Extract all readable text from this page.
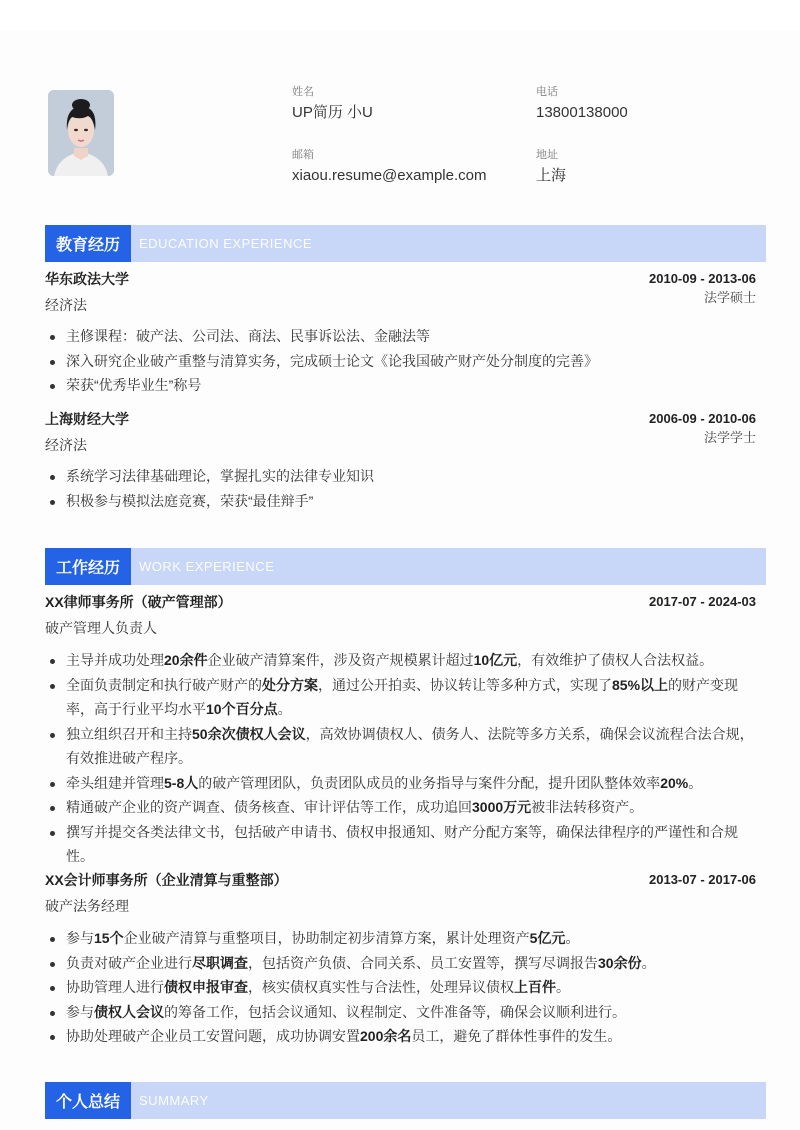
姓名
UP简历 小U
电话
13800138000
邮箱
xiaou.resume@example.com
地址
上海
教育经历	EDUCATION EXPERIENCE
华东政法大学
经济法
2010-09 - 2013-06
法学硕士
主修课程：破产法、公司法、商法、民事诉讼法、金融法等
深入研究企业破产重整与清算实务，完成硕士论文《论我国破产财产处分制度的完善》
荣获“优秀毕业生”称号
上海财经大学
经济法
2006-09 - 2010-06
法学学士
系统学习法律基础理论，掌握扎实的法律专业知识
积极参与模拟法庭竞赛，荣获“最佳辩手”
工作经历	WORK EXPERIENCE
XX律师事务所（破产管理部）
破产管理人负责人
2017-07 - 2024-03
主导并成功处理20余件企业破产清算案件，涉及资产规模累计超过10亿元，有效维护了债权人合法权益。
全面负责制定和执行破产财产的处分方案，通过公开拍卖、协议转让等多种方式，实现了85%以上的财产变现率，高于行业平均水平10个百分点。
独立组织召开和主持50余次债权人会议，高效协调债权人、债务人、法院等多方关系，确保会议流程合法合规，有效推进破产程序。
牵头组建并管理5-8人的破产管理团队，负责团队成员的业务指导与案件分配，提升团队整体效率20%。
精通破产企业的资产调查、债务核查、审计评估等工作，成功追回3000万元被非法转移资产。
撰写并提交各类法律文书，包括破产申请书、债权申报通知、财产分配方案等，确保法律程序的严谨性和合规性。
XX会计师事务所（企业清算与重整部）
破产法务经理
2013-07 - 2017-06
参与15个企业破产清算与重整项目，协助制定初步清算方案，累计处理资产5亿元。
负责对破产企业进行尽职调查，包括资产负债、合同关系、员工安置等，撰写尽调报告30余份。
协助管理人进行债权申报审查，核实债权真实性与合法性，处理异议债权上百件。
参与债权人会议的筹备工作，包括会议通知、议程制定、文件准备等，确保会议顺利进行。
协助处理破产企业员工安置问题，成功协调安置200余名员工，避免了群体性事件的发生。
个人总结	SUMMARY
